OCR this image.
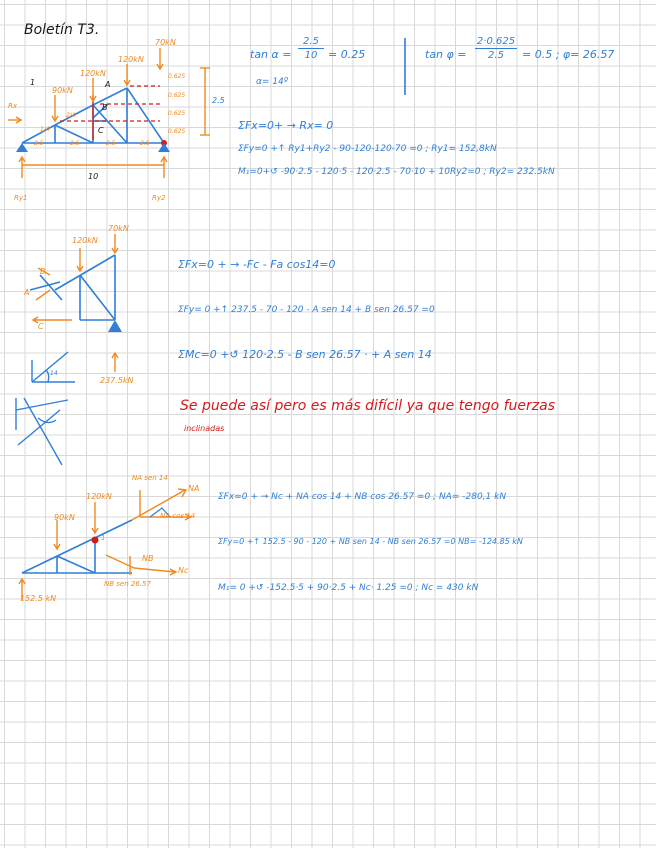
Boletín T3.
90kN
120kN
120kN
70kN
A
B
C
1
Rx
Ry1	Ry2
10
2.5
0.625
0.625
0.625
0.625
2.5	2.5	2.5	2.5
1/4
2/4
tan α =
2.5
10 = 0.25
α= 14º
tan φ =
2·0.625
2.5	= 0.5 ; φ= 26.57
ΣFx=0+ → Rx= 0
ΣFy=0 +↑ Ry1+Ry2 - 90-120-120-70 =0 ; Ry1= 152,8kN
M₁=0+↺ -90·2.5 - 120·5 - 120·2.5 - 70·10 + 10Ry2=0 ; Ry2= 232.5kN
120kN
70kN
B
A
C
237.5kN
14
ΣFx=0 + → -Fc - Fa cos14=0
ΣFy= 0 +↑ 237.5 - 70 - 120 - A sen 14 + B sen 26.57 =0
ΣMc=0 +↺ 120·2.5 - B sen 26.57 · + A sen 14
Se puede así pero es más difícil ya que tengo fuerzas
inclinadas
120kN
90kN
152.5 kN
NA
NA sen 14
NA cos 14
NB
NB sen 26.57
Nc
1
ΣFx=0 + → Nc + NA cos 14 + NB cos 26.57 =0 ; NA= -280,1 kN
ΣFy=0 +↑ 152.5 - 90 - 120 + NB sen 14 - NB sen 26.57 =0 NB= -124.85 kN
M₁= 0 +↺ -152.5·5 + 90·2.5 + Nc· 1.25 =0 ; Nc = 430 kN
